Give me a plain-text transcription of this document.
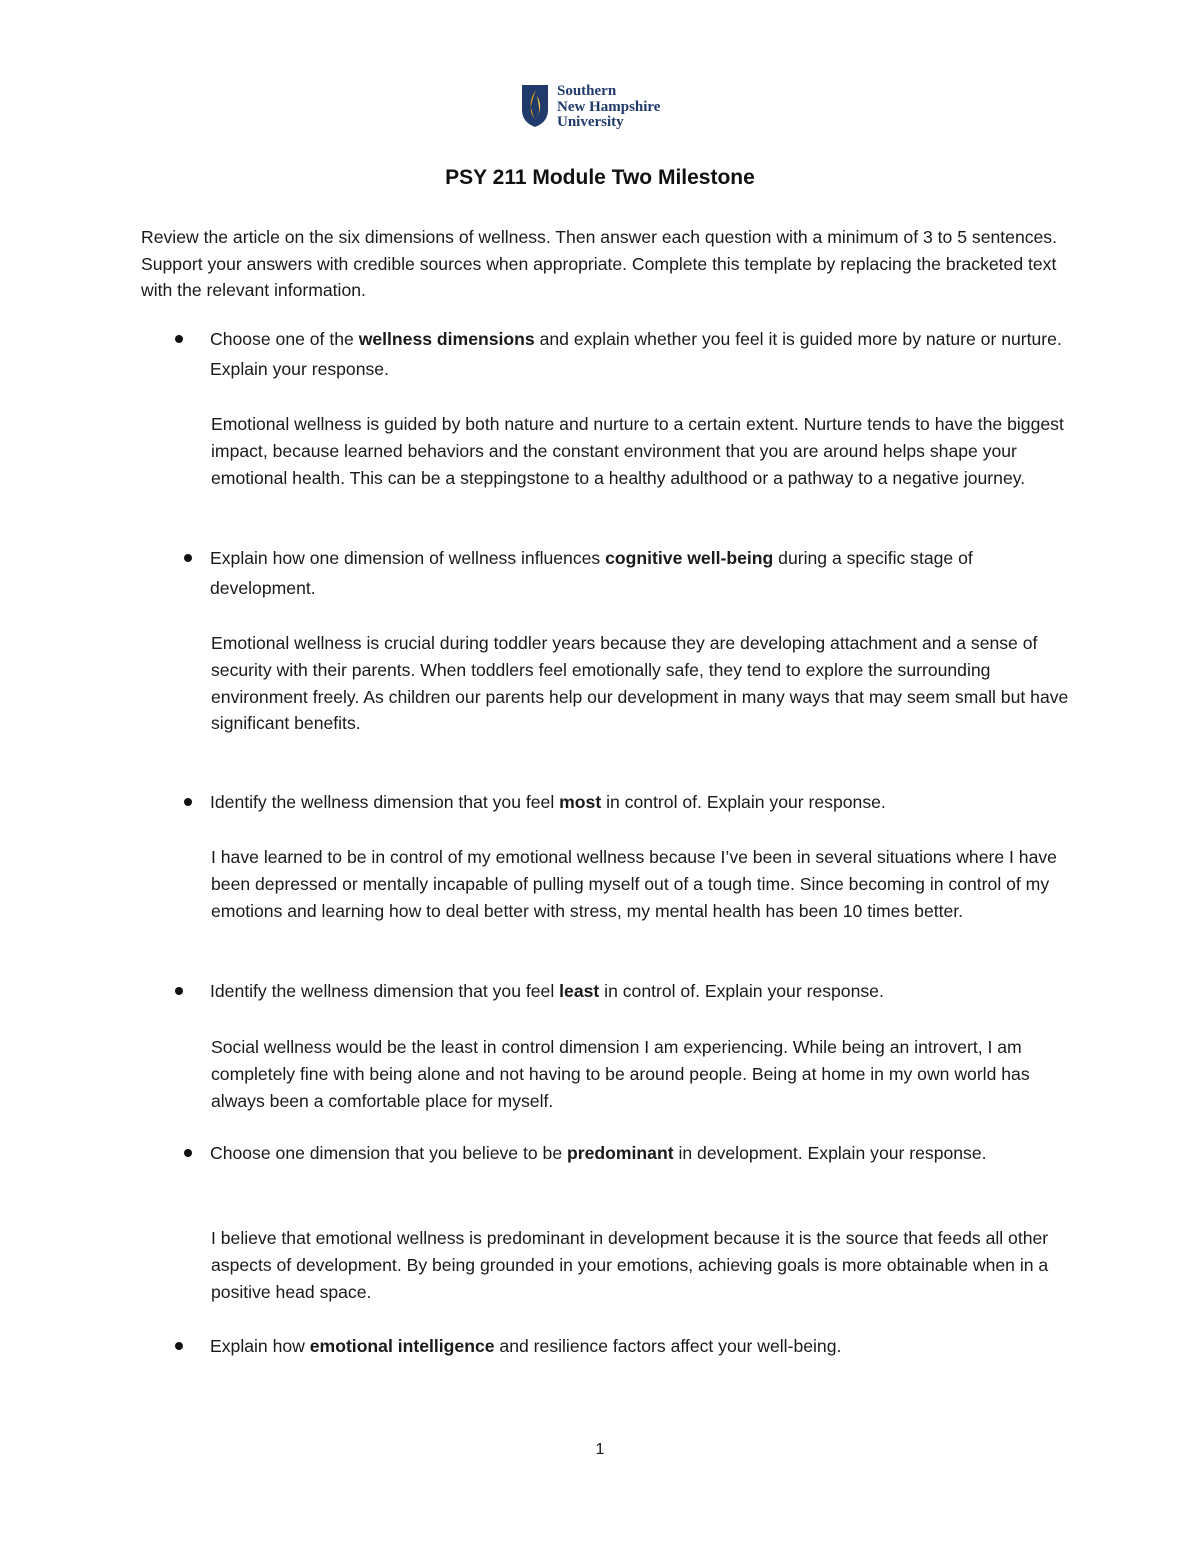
Southern
New Hampshire
University
PSY 211 Module Two Milestone

Review the article on the six dimensions of wellness. Then answer each question with a minimum of 3 to 5 sentences. Support your answers with credible sources when appropriate. Complete this template by replacing the bracketed text with the relevant information.

Choose one of the wellness dimensions and explain whether you feel it is guided more by nature or nurture. Explain your response.

Emotional wellness is guided by both nature and nurture to a certain extent. Nurture tends to have the biggest impact, because learned behaviors and the constant environment that you are around helps shape your emotional health. This can be a steppingstone to a healthy adulthood or a pathway to a negative journey.

Explain how one dimension of wellness influences cognitive well-being during a specific stage of development.

Emotional wellness is crucial during toddler years because they are developing attachment and a sense of security with their parents. When toddlers feel emotionally safe, they tend to explore the surrounding environment freely. As children our parents help our development in many ways that may seem small but have significant benefits.

Identify the wellness dimension that you feel most in control of. Explain your response.

I have learned to be in control of my emotional wellness because I’ve been in several situations where I have been depressed or mentally incapable of pulling myself out of a tough time. Since becoming in control of my emotions and learning how to deal better with stress, my mental health has been 10 times better.

Identify the wellness dimension that you feel least in control of. Explain your response.

Social wellness would be the least in control dimension I am experiencing. While being an introvert, I am completely fine with being alone and not having to be around people. Being at home in my own world has always been a comfortable place for myself.

Choose one dimension that you believe to be predominant in development. Explain your response.

I believe that emotional wellness is predominant in development because it is the source that feeds all other aspects of development. By being grounded in your emotions, achieving goals is more obtainable when in a positive head space.

Explain how emotional intelligence and resilience factors affect your well-being.

1
